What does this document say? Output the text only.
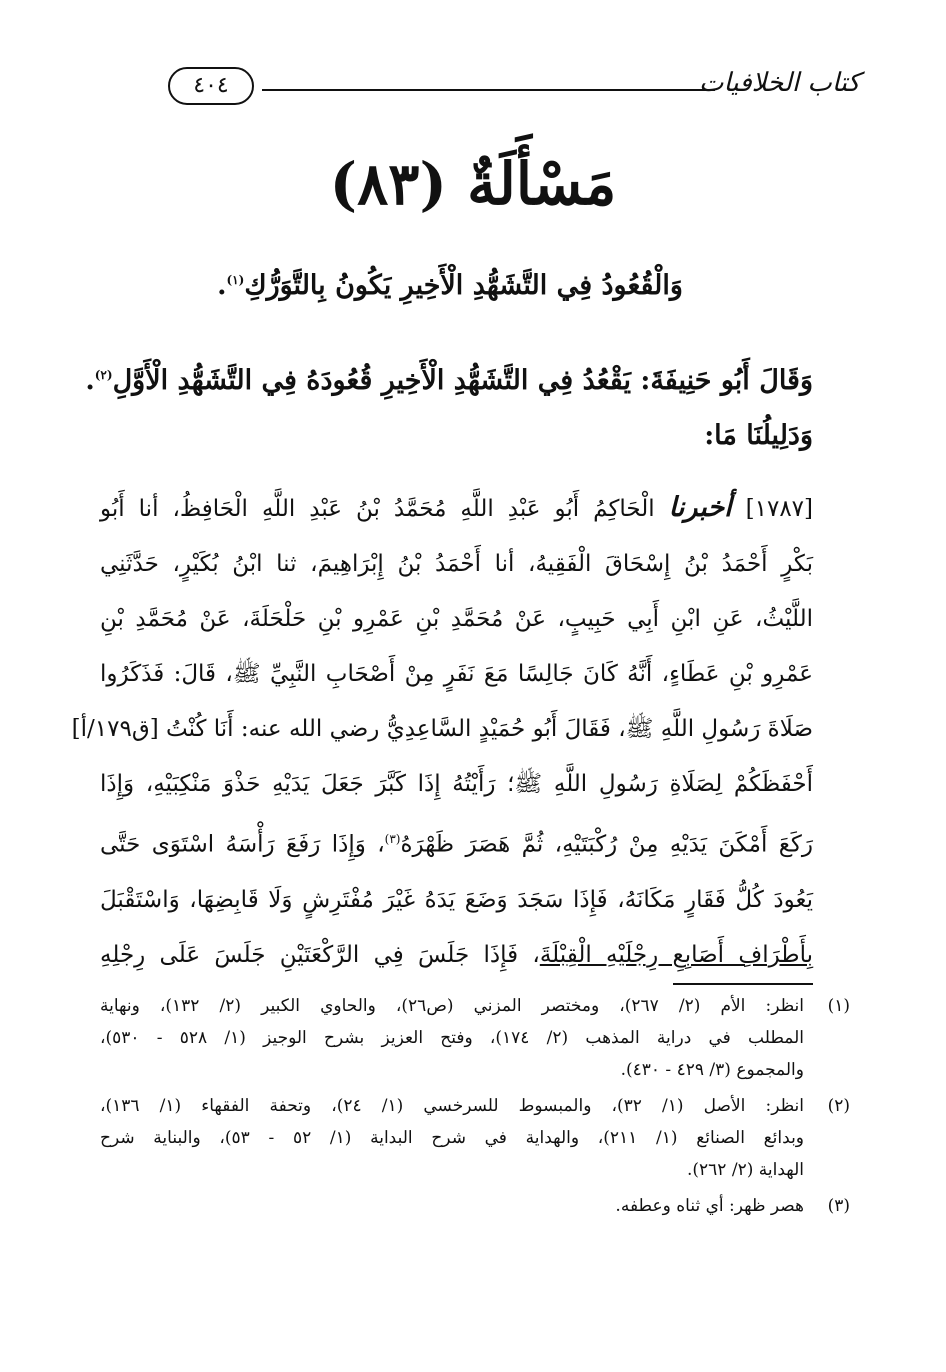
كتاب الخلافيات
٤٠٤
مَسْأَلَةٌ (٨٣)
وَالْقُعُودُ فِي التَّشَهُّدِ الْأَخِيرِ يَكُونُ بِالتَّوَرُّكِ$^{(١)}$.
وَقَالَ أَبُو حَنِيفَةَ: يَقْعُدُ فِي التَّشَهُّدِ الْأَخِيرِ قُعُودَهُ فِي التَّشَهُّدِ الْأَوَّلِ$^{(٢)}$.
وَدَلِيلُنَا مَا:
[١٧٨٧] أخبرنا الْحَاكِمُ أَبُو عَبْدِ اللَّهِ مُحَمَّدُ بْنُ عَبْدِ اللَّهِ الْحَافِظُ، أنا أَبُو
بَكْرٍ أَحْمَدُ بْنُ إِسْحَاقَ الْفَقِيهُ، أنا أَحْمَدُ بْنُ إِبْرَاهِيمَ، ثنا ابْنُ بُكَيْرٍ، حَدَّثَنِي
اللَّيْثُ، عَنِ ابْنِ أَبِي حَبِيبٍ، عَنْ مُحَمَّدِ بْنِ عَمْرِو بْنِ حَلْحَلَةَ، عَنْ مُحَمَّدِ بْنِ
عَمْرِو بْنِ عَطَاءٍ، أَنَّهُ كَانَ جَالِسًا مَعَ نَفَرٍ مِنْ أَصْحَابِ النَّبِيِّ ﷺ، قَالَ: فَذَكَرُوا
صَلَاةَ رَسُولِ اللَّهِ ﷺ، فَقَالَ أَبُو حُمَيْدٍ السَّاعِدِيُّ رضي الله عنه: أَنَا كُنْتُ [ق١٧٩/أ]
أَحْفَظَكُمْ لِصَلَاةِ رَسُولِ اللَّهِ ﷺ؛ رَأَيْتُهُ إِذَا كَبَّرَ جَعَلَ يَدَيْهِ حَذْوَ مَنْكِبَيْهِ، وَإِذَا
رَكَعَ أَمْكَنَ يَدَيْهِ مِنْ رُكْبَتَيْهِ، ثُمَّ هَصَرَ ظَهْرَهُ$^{(٣)}$، وَإِذَا رَفَعَ رَأْسَهُ اسْتَوَى حَتَّى
يَعُودَ كُلُّ فَقَارٍ مَكَانَهُ، فَإِذَا سَجَدَ وَضَعَ يَدَهُ غَيْرَ مُفْتَرِشٍ وَلَا قَابِضِهَا، وَاسْتَقْبَلَ
بِأَطْرَافِ أَصَابِعِ رِجْلَيْهِ الْقِبْلَةَ، فَإِذَا جَلَسَ فِي الرَّكْعَتَيْنِ جَلَسَ عَلَى رِجْلِهِ
(١)
انظر: الأم (٢/ ٢٦٧)، ومختصر المزني (ص٢٦)، والحاوي الكبير (٢/ ١٣٢)، ونهاية
المطلب في دراية المذهب (٢/ ١٧٤)، وفتح العزيز بشرح الوجيز (١/ ٥٢٨ - ٥٣٠)،
والمجموع (٣/ ٤٢٩ - ٤٣٠).
(٢)
انظر: الأصل (١/ ٣٢)، والمبسوط للسرخسي (١/ ٢٤)، وتحفة الفقهاء (١/ ١٣٦)،
وبدائع الصنائع (١/ ٢١١)، والهداية في شرح البداية (١/ ٥٢ - ٥٣)، والبناية شرح
الهداية (٢/ ٢٦٢).
(٣)
هصر ظهر: أي ثناه وعطفه.
